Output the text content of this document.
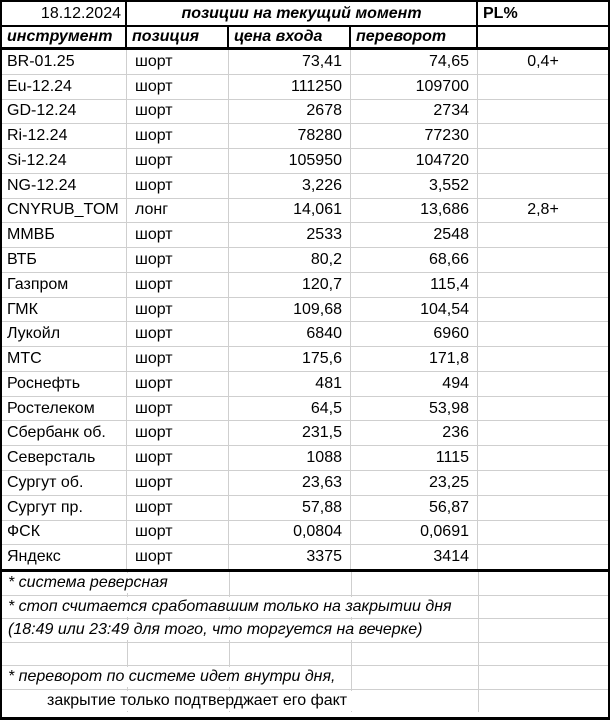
18.12.2024	позиции на текущий момент	PL%
инструмент	позиция	цена входа	переворот
BR-01.25	шорт	73,41	74,65	0,4+
Eu-12.24	шорт	111250	109700
GD-12.24	шорт	2678	2734
Ri-12.24	шорт	78280	77230
Si-12.24	шорт	105950	104720
NG-12.24	шорт	3,226	3,552
CNYRUB_TOM	лонг	14,061	13,686	2,8+
ММВБ	шорт	2533	2548
ВТБ	шорт	80,2	68,66
Газпром	шорт	120,7	115,4
ГМК	шорт	109,68	104,54
Лукойл	шорт	6840	6960
МТС	шорт	175,6	171,8
Роснефть	шорт	481	494
Ростелеком	шорт	64,5	53,98
Сбербанк об.	шорт	231,5	236
Северсталь	шорт	1088	1115
Сургут об.	шорт	23,63	23,25
Сургут пр.	шорт	57,88	56,87
ФСК	шорт	0,0804	0,0691
Яндекс	шорт	3375	3414
* система реверсная
* стоп считается сработавшим только на закрытии дня
(18:49 или 23:49 для того, что торгуется на вечерке)
* переворот по системе идет внутри дня,
закрытие только подтверджает его факт
